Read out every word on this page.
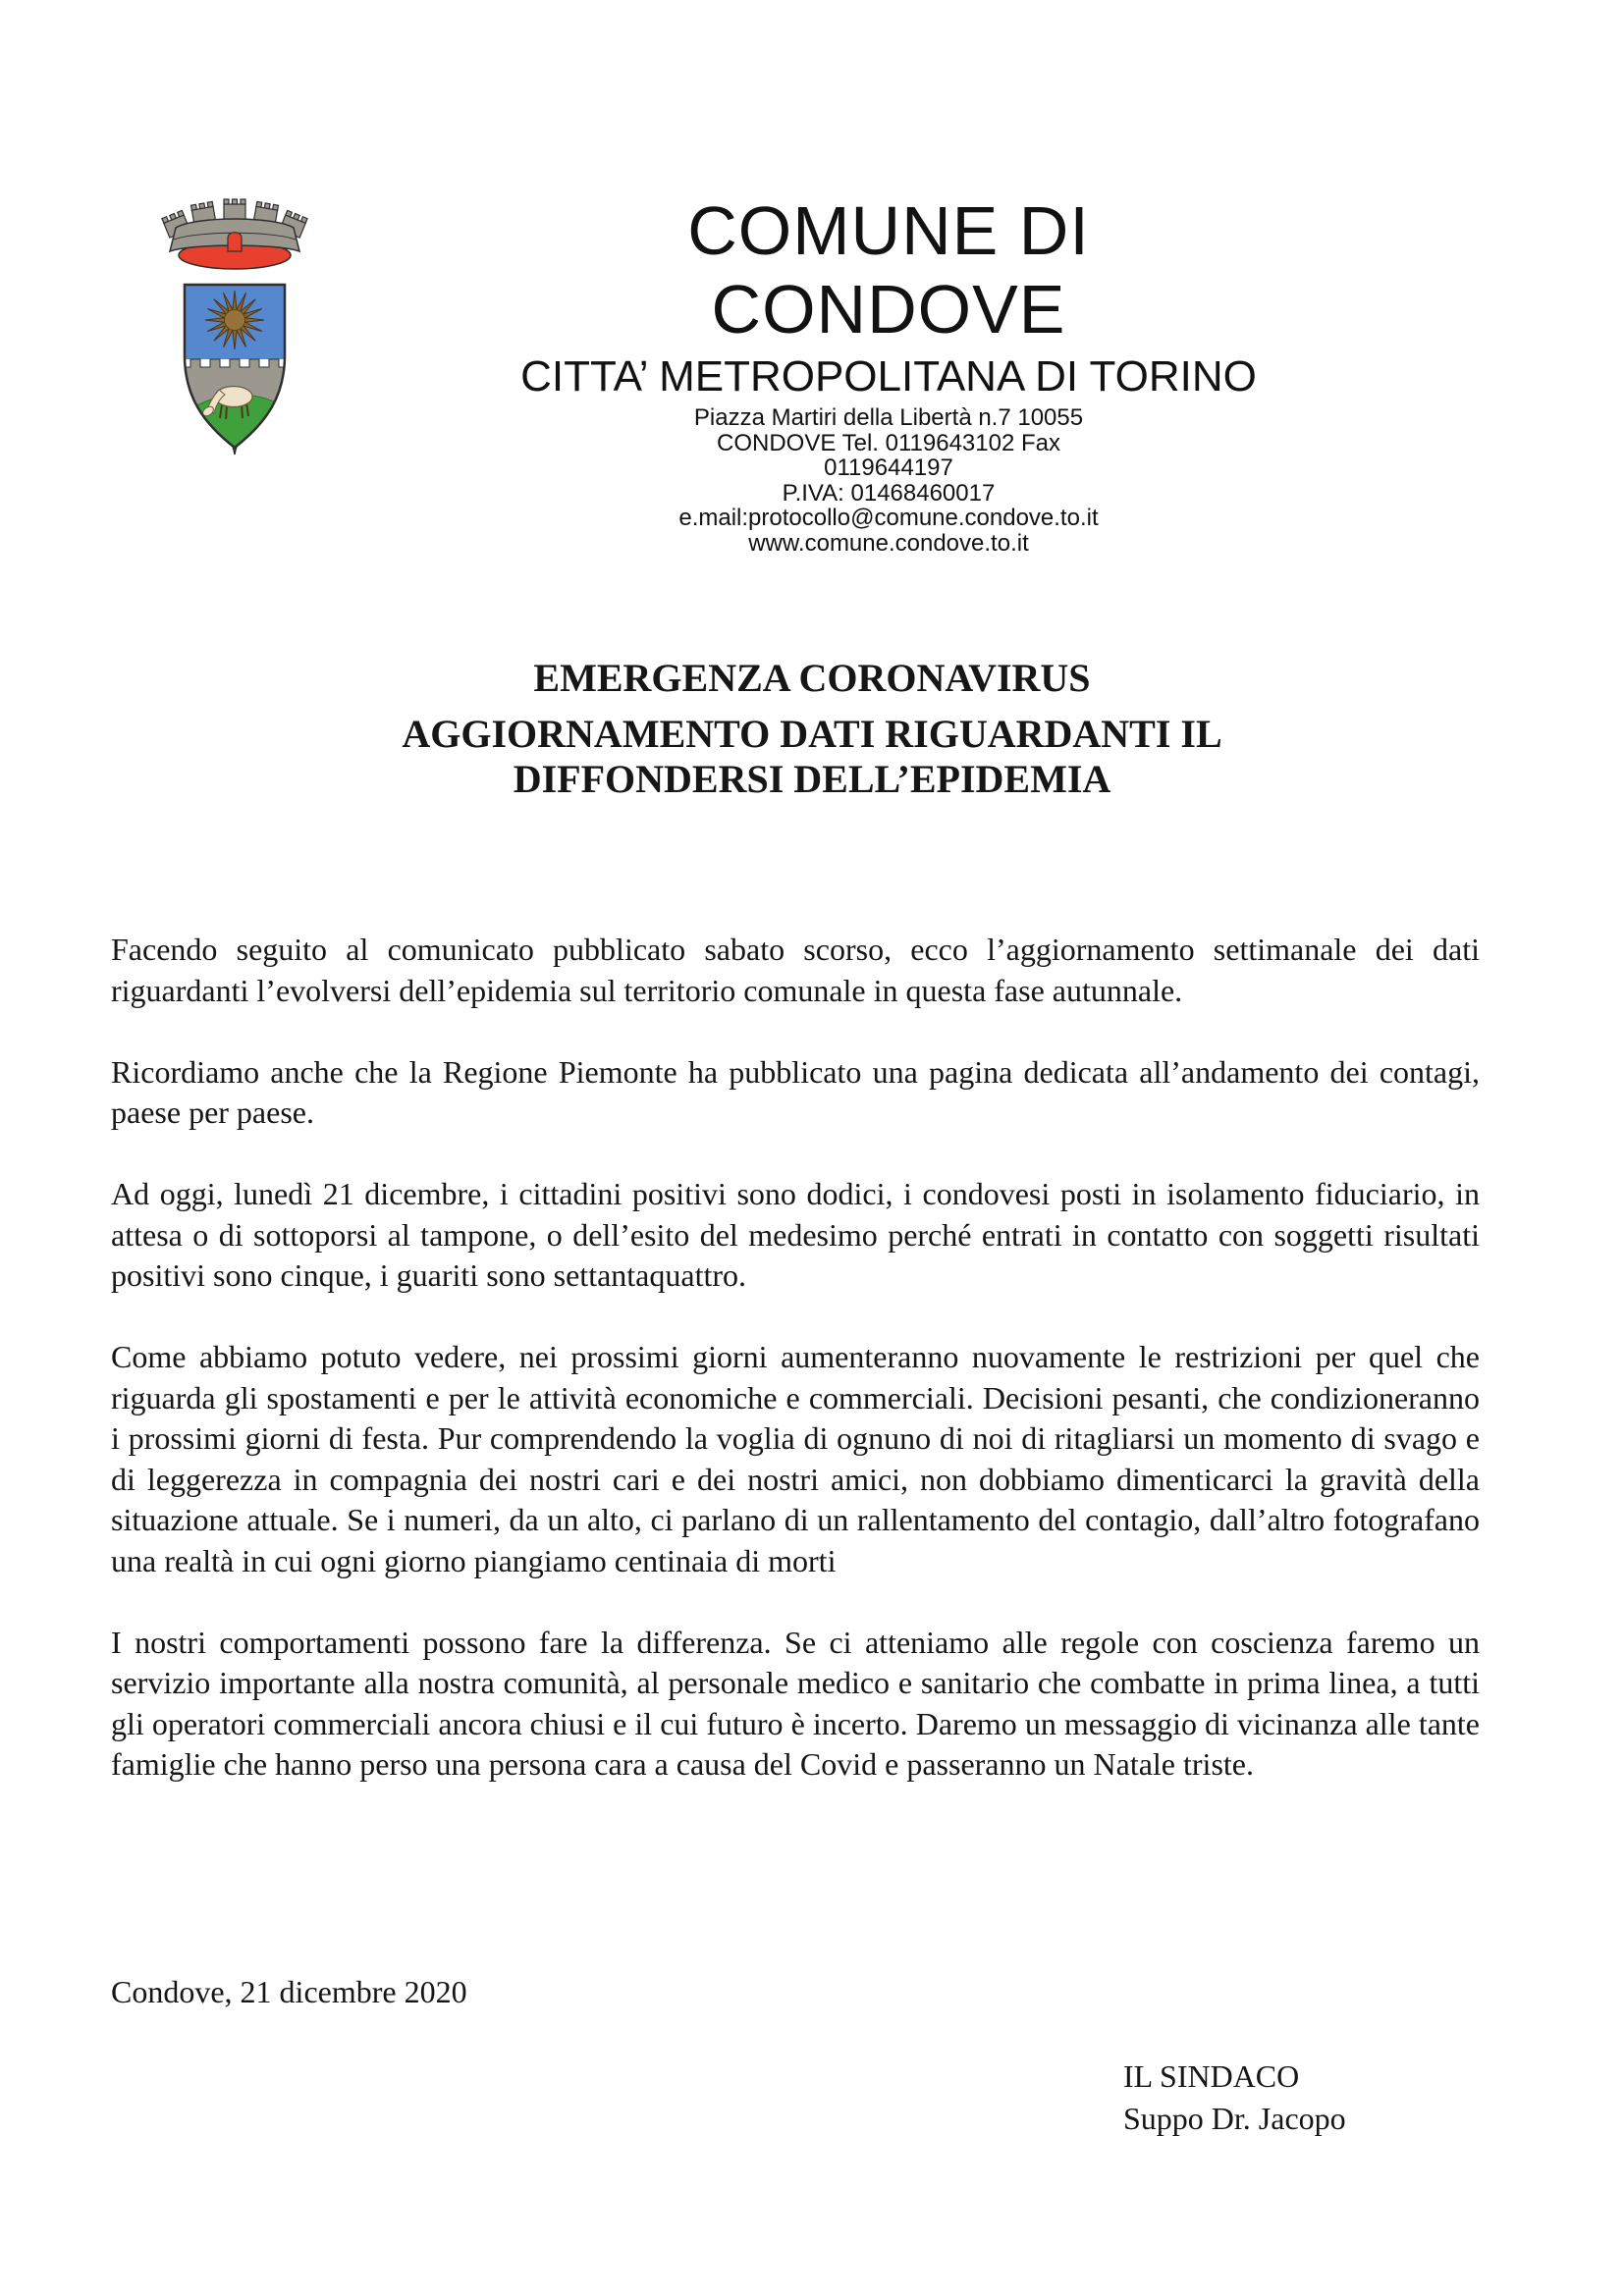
COMUNE DI
CONDOVE
CITTA’ METROPOLITANA DI TORINO
Piazza Martiri della Libertà n.7 10055
CONDOVE Tel. 0119643102 Fax
0119644197
P.IVA: 01468460017
e.mail:protocollo@comune.condove.to.it
www.comune.condove.to.it

EMERGENZA CORONAVIRUS

AGGIORNAMENTO DATI RIGUARDANTI IL
DIFFONDERSI DELL’EPIDEMIA

Facendo seguito al comunicato pubblicato sabato scorso, ecco l’aggiornamento settimanale dei dati riguardanti l’evolversi dell’epidemia sul territorio comunale in questa fase autunnale.

Ricordiamo anche che la Regione Piemonte ha pubblicato una pagina dedicata all’andamento dei contagi, paese per paese.

Ad oggi, lunedì 21 dicembre, i cittadini positivi sono dodici, i condovesi posti in isolamento fiduciario, in attesa o di sottoporsi al tampone, o dell’esito del medesimo perché entrati in contatto con soggetti risultati positivi sono cinque, i guariti sono settantaquattro.

Come abbiamo potuto vedere, nei prossimi giorni aumenteranno nuovamente le restrizioni per quel che riguarda gli spostamenti e per le attività economiche e commerciali. Decisioni pesanti, che condizioneranno i prossimi giorni di festa. Pur comprendendo la voglia di ognuno di noi di ritagliarsi un momento di svago e di leggerezza in compagnia dei nostri cari e dei nostri amici, non dobbiamo dimenticarci la gravità della situazione attuale. Se i numeri, da un alto, ci parlano di un rallentamento del contagio, dall’altro fotografano una realtà in cui ogni giorno piangiamo centinaia di morti

I nostri comportamenti possono fare la differenza. Se ci atteniamo alle regole con coscienza faremo un servizio importante alla nostra comunità, al personale medico e sanitario che combatte in prima linea, a tutti gli operatori commerciali ancora chiusi e il cui futuro è incerto. Daremo un messaggio di vicinanza alle tante famiglie che hanno perso una persona cara a causa del Covid e passeranno un Natale triste.

Condove, 21 dicembre 2020
IL SINDACO
Suppo Dr. Jacopo
